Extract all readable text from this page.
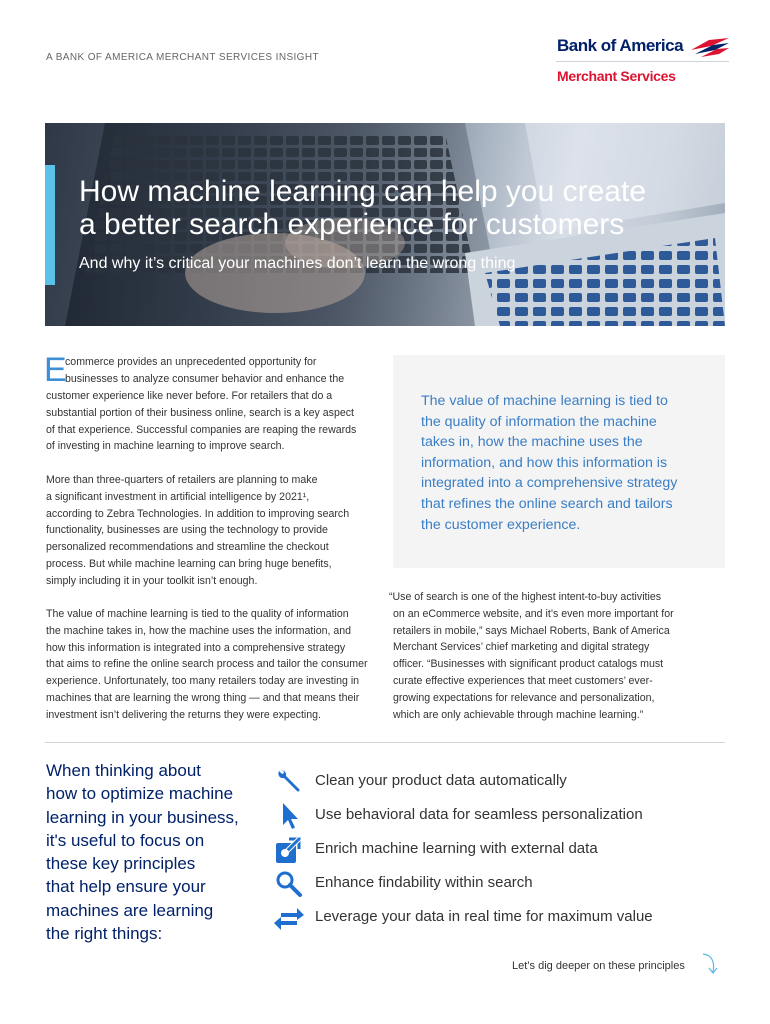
A BANK OF AMERICA MERCHANT SERVICES INSIGHT
Bank of America
Merchant Services
How machine learning can help you create
a better search experience for customers
And why it’s critical your machines don’t learn the wrong thing
E
commerce provides an unprecedented opportunity for
businesses to analyze consumer behavior and enhance the
customer experience like never before. For retailers that do a
substantial portion of their business online, search is a key aspect
of that experience. Successful companies are reaping the rewards
of investing in machine learning to improve search.
More than three-quarters of retailers are planning to make
a significant investment in artificial intelligence by 2021¹,
according to Zebra Technologies. In addition to improving search
functionality, businesses are using the technology to provide
personalized recommendations and streamline the checkout
process. But while machine learning can bring huge benefits,
simply including it in your toolkit isn’t enough.
The value of machine learning is tied to the quality of information
the machine takes in, how the machine uses the information, and
how this information is integrated into a comprehensive strategy
that aims to refine the online search process and tailor the consumer
experience. Unfortunately, too many retailers today are investing in
machines that are learning the wrong thing — and that means their
investment isn’t delivering the returns they were expecting.
The value of machine learning is tied to
the quality of information the machine
takes in, how the machine uses the
information, and how this information is
integrated into a comprehensive strategy
that refines the online search and tailors
the customer experience.
“Use of search is one of the highest intent-to-buy activities
on an eCommerce website, and it’s even more important for
retailers in mobile,” says Michael Roberts, Bank of America
Merchant Services’ chief marketing and digital strategy
officer. “Businesses with significant product catalogs must
curate effective experiences that meet customers’ ever-
growing expectations for relevance and personalization,
which are only achievable through machine learning.”
When thinking about
how to optimize machine
learning in your business,
it's useful to focus on
these key principles
that help ensure your
machines are learning
the right things:
Clean your product data automatically
Use behavioral data for seamless personalization
Enrich machine learning with external data
Enhance findability within search
Leverage your data in real time for maximum value
Let’s dig deeper on these principles
